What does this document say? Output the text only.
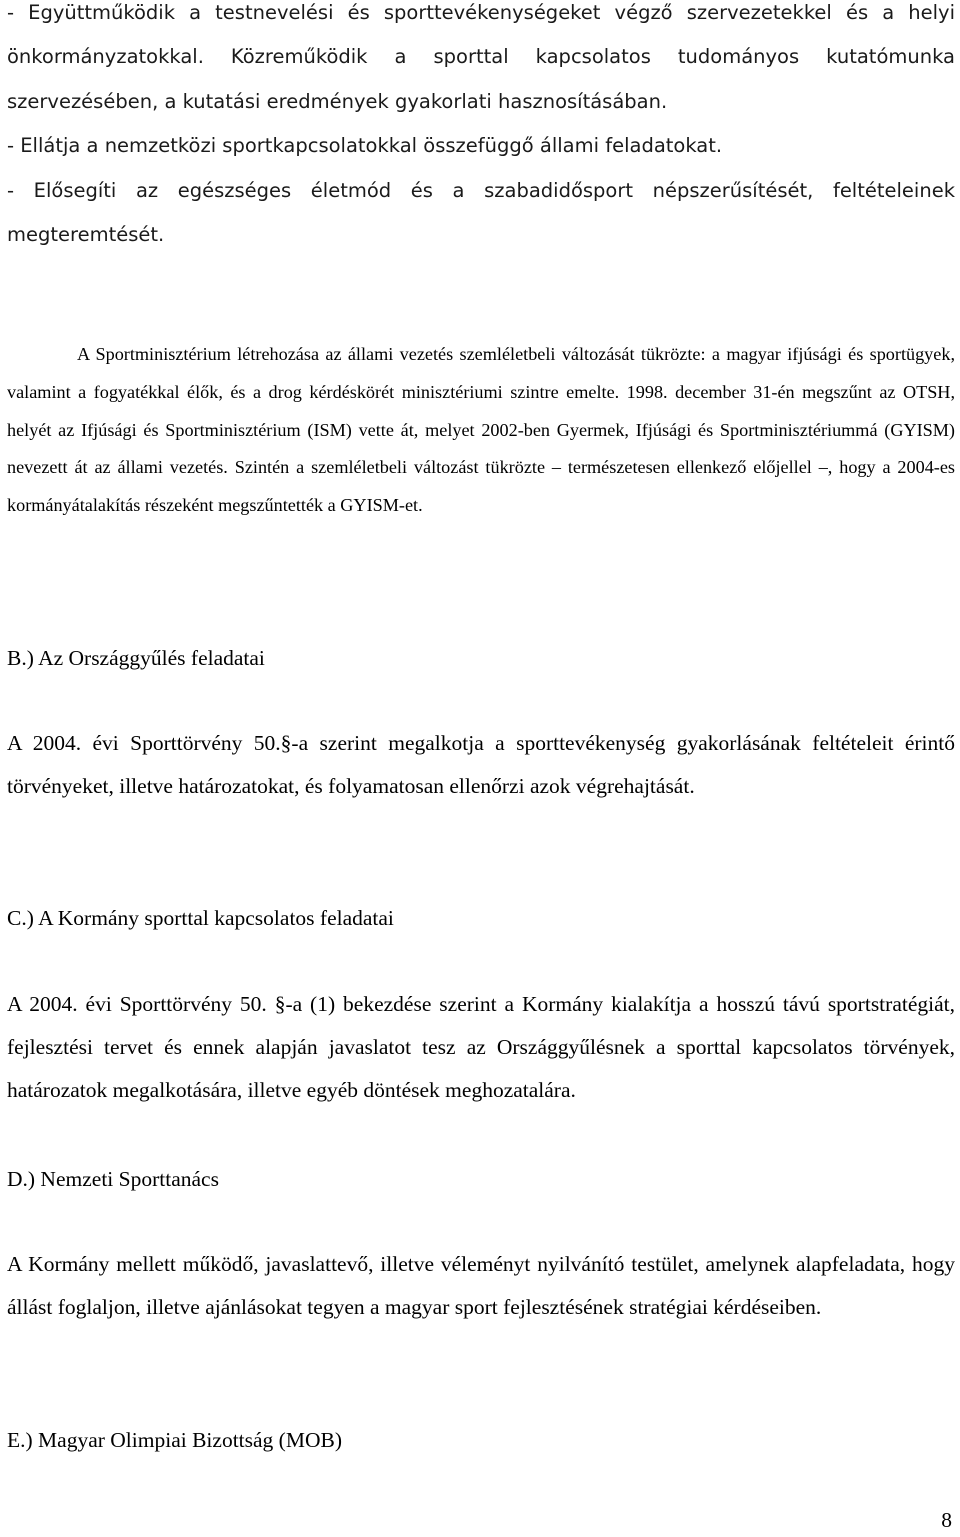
- Együttműködik a testnevelési és sporttevékenységeket végző szervezetekkel és a helyi önkormányzatokkal. Közreműködik a sporttal kapcsolatos tudományos kutatómunka szervezésében, a kutatási eredmények gyakorlati hasznosításában.

- Ellátja a nemzetközi sportkapcsolatokkal összefüggő állami feladatokat.

- Elősegíti az egészséges életmód és a szabadidősport népszerűsítését, feltételeinek megteremtését.

A Sportminisztérium létrehozása az állami vezetés szemléletbeli változását tükrözte: a magyar ifjúsági és sportügyek, valamint a fogyatékkal élők, és a drog kérdéskörét minisztériumi szintre emelte. 1998. december 31-én megszűnt az OTSH, helyét az Ifjúsági és Sportminisztérium (ISM) vette át, melyet 2002-ben Gyermek, Ifjúsági és Sportminisztériummá (GYISM) nevezett át az állami vezetés. Szintén a szemléletbeli változást tükrözte – természetesen ellenkező előjellel –, hogy a 2004-es kormányátalakítás részeként megszűntették a GYISM-et.

B.) Az Országgyűlés feladatai

A 2004. évi Sporttörvény 50.§-a szerint megalkotja a sporttevékenység gyakorlásának feltételeit érintő törvényeket, illetve határozatokat, és folyamatosan ellenőrzi azok végrehajtását.

C.) A Kormány sporttal kapcsolatos feladatai

A 2004. évi Sporttörvény 50. §-a (1) bekezdése szerint a Kormány kialakítja a hosszú távú sportstratégiát, fejlesztési tervet és ennek alapján javaslatot tesz az Országgyűlésnek a sporttal kapcsolatos törvények, határozatok megalkotására, illetve egyéb döntések meghozatalára.

D.) Nemzeti Sporttanács

A Kormány mellett működő, javaslattevő, illetve véleményt nyilvánító testület, amelynek alapfeladata, hogy állást foglaljon, illetve ajánlásokat tegyen a magyar sport fejlesztésének stratégiai kérdéseiben.

E.) Magyar Olimpiai Bizottság (MOB)
8
